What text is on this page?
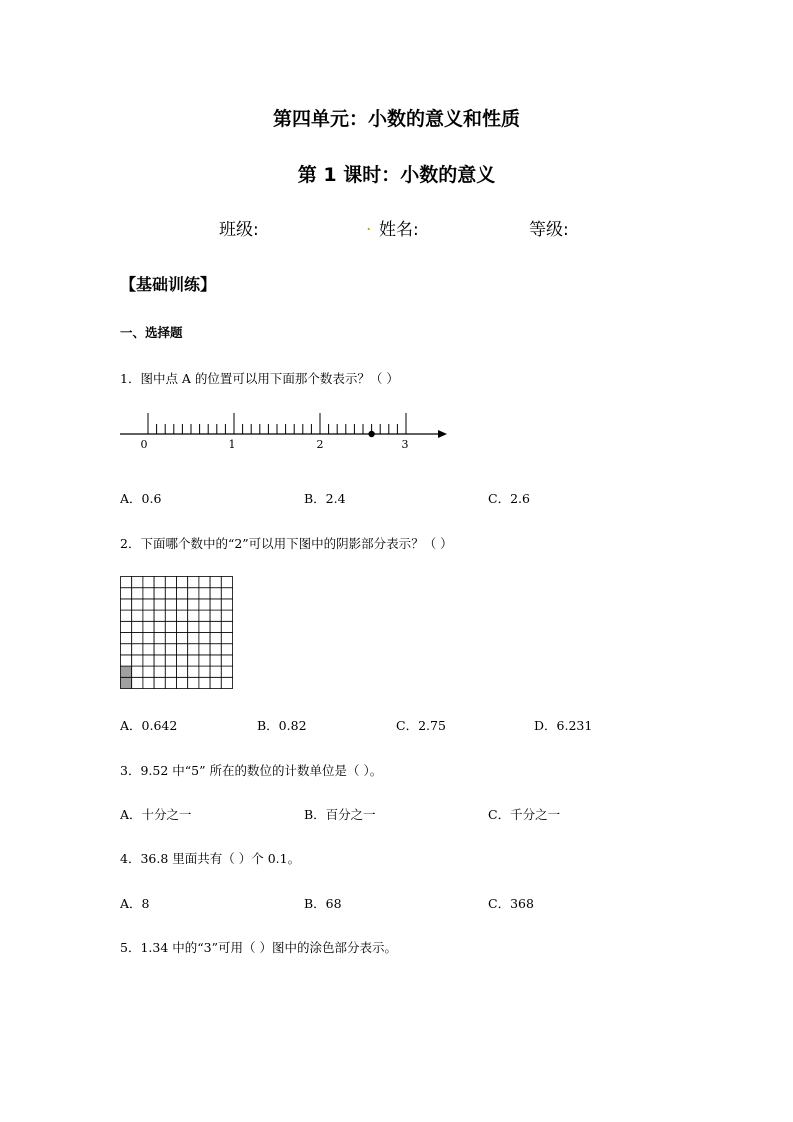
第四单元：小数的意义和性质
第 1 课时：小数的意义
班级:	. 姓名:	等级:
【基础训练】
一、选择题
1．图中点 A 的位置可以用下面那个数表示？（ ）
0	1	2	3
A．0.6	B．2.4	C．2.6
2．下面哪个数中的“2”可以用下图中的阴影部分表示？（ ）
A．0.642	B．0.82	C．2.75	D．6.231
3．9.52 中“5” 所在的数位的计数单位是（ ）。
A．十分之一	B．百分之一	C．千分之一
4．36.8 里面共有（ ）个 0.1。
A．8	B．68	C．368
5．1.34 中的“3”可用（ ）图中的涂色部分表示。
